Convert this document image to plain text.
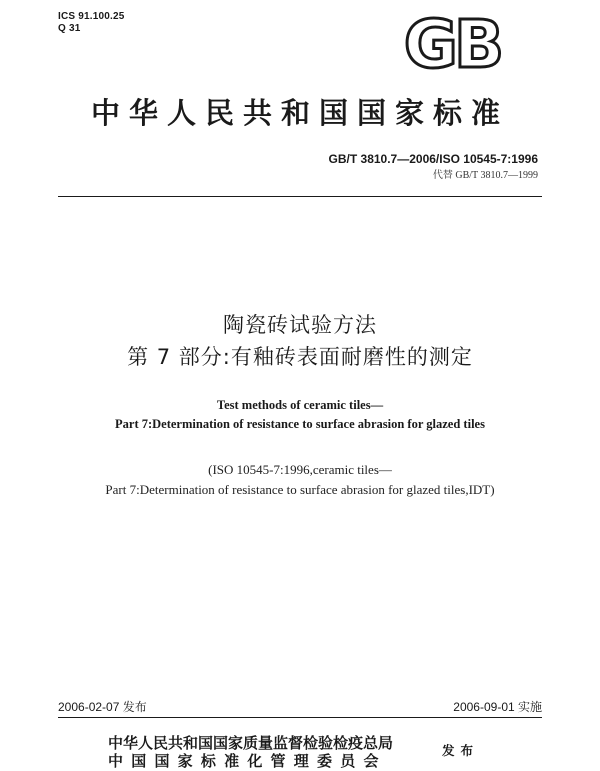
ICS 91.100.25
Q 31	GB
中华人民共和国国家标准
GB/T 3810.7—2006/ISO 10545-7:1996
代替 GB/T 3810.7—1999
陶瓷砖试验方法
第 7 部分:有釉砖表面耐磨性的测定
Test methods of ceramic tiles—
Part 7:Determination of resistance to surface abrasion for glazed tiles
(ISO 10545-7:1996,ceramic tiles—
Part 7:Determination of resistance to surface abrasion for glazed tiles,IDT)
2006-02-07 发布	2006-09-01 实施
中华人民共和国国家质量监督检验检疫总局
中 国 国 家 标 准 化 管 理 委 员 会
发布
